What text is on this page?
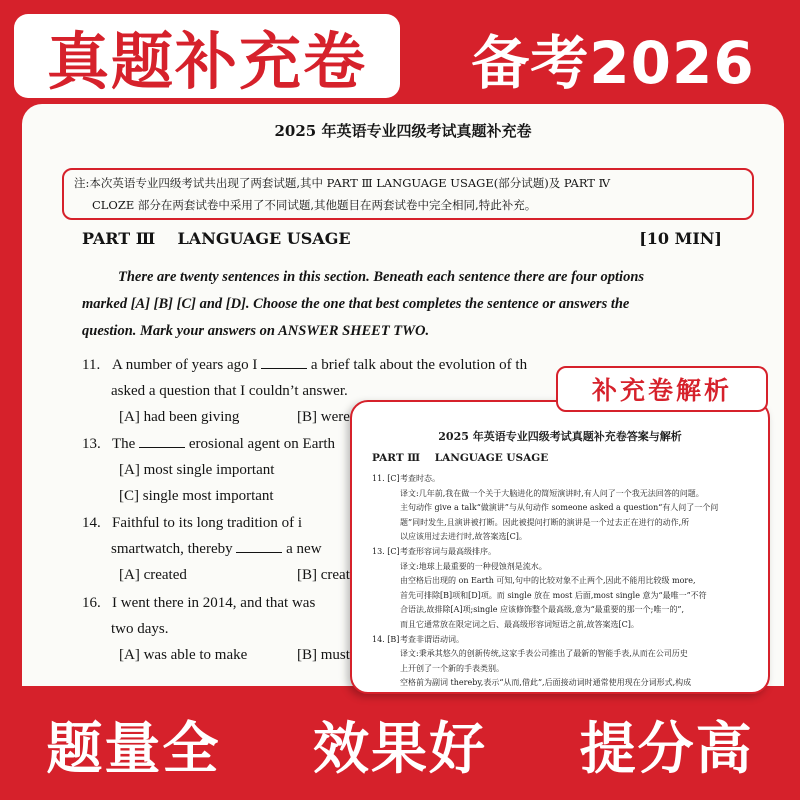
真题补充卷	备考2026
2025 年英语专业四级考试真题补充卷

注:本次英语专业四级考试共出现了两套试题,其中 PART Ⅲ LANGUAGE USAGE(部分试题)及 PART Ⅳ

CLOZE 部分在两套试卷中采用了不同试题,其他题目在两套试卷中完全相同,特此补充。

PART Ⅲ    LANGUAGE USAGE	[10 MIN]
There are twenty sentences in this section. Beneath each sentence there are four options
marked [A] [B] [C] and [D]. Choose the one that best completes the sentence or answers the
question. Mark your answers on ANSWER SHEET TWO.
11. A number of years ago I	a brief talk about the evolution of th
asked a question that I couldn’t answer.
[A] had been giving	[B] were
13. The	erosional agent on Earth
[A] most single important
[C] single most important
14. Faithful to its long tradition of i
smartwatch, thereby	a new
[A] created	[B] creat
16. I went there in 2014, and that was
two days.
[A] was able to make	[B] must
补充卷解析
2025 年英语专业四级考试真题补充卷答案与解析
PART Ⅲ    LANGUAGE USAGE
11. [C]考查时态。
译文:几年前,我在做一个关于大脑进化的简短演讲时,有人问了一个我无法回答的问题。
主句动作 give a talk“做演讲”与从句动作 someone asked a question“有人问了一个问
题”同时发生,且演讲被打断。因此被提问打断的演讲是一个过去正在进行的动作,所
以应该用过去进行时,故答案选[C]。
13. [C]考查形容词与最高级排序。
译文:地球上最重要的一种侵蚀剂是流水。
由空格后出现的 on Earth 可知,句中的比较对象不止两个,因此不能用比较级 more,
首先可排除[B]项和[D]项。而 single 放在 most 后面,most single 意为“最唯一”不符
合语法,故排除[A]项;single 应该修饰整个最高级,意为“最重要的那一个;唯一的”,
而且它通常放在限定词之后、最高级形容词短语之前,故答案选[C]。
14. [B]考查非谓语动词。
译文:秉承其悠久的创新传统,这家手表公司推出了最新的智能手表,从而在公司历史
上开创了一个新的手表类别。
空格前为副词 thereby,表示“从而,借此”,后面接动词时通常使用现在分词形式,构成
题量全 效果好 提分高
